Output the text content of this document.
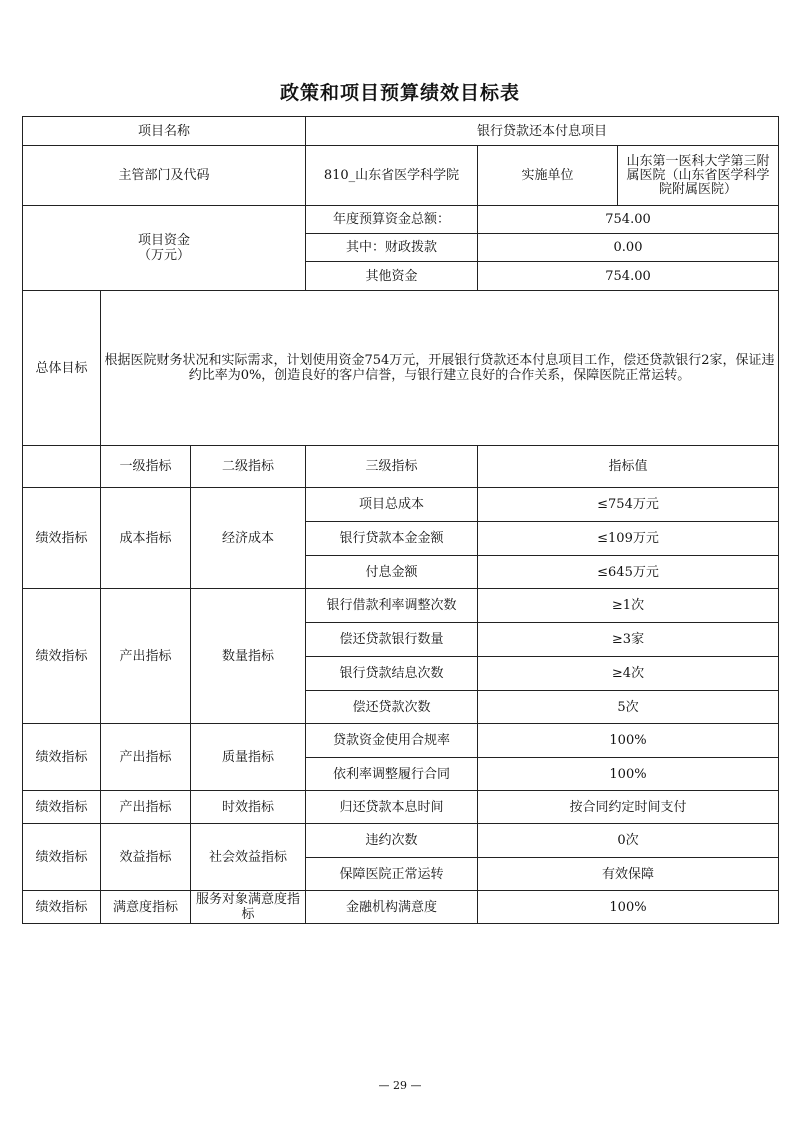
政策和项目预算绩效目标表
项目名称			银行贷款还本付息项目		
主管部门及代码			810_山东省医学科学院	实施单位	山东第一医科大学第三附属医院（山东省医学科学院附属医院）

项目资金
（万元）			年度预算资金总额：	754.00	
			其中：财政拨款	0.00	
			其他资金	754.00	
总体目标	根据医院财务状况和实际需求，计划使用资金754万元，开展银行贷款还本付息项目工作，偿还贷款银行2家，保证违约比率为0%，创造良好的客户信誉，与银行建立良好的合作关系，保障医院正常运转。				
	一级指标	二级指标	三级指标	指标值	
绩效指标	成本指标	经济成本	项目总成本	≤754万元	
			银行贷款本金金额	≤109万元	
			付息金额	≤645万元	
绩效指标	产出指标	数量指标	银行借款利率调整次数	≥1次	
			偿还贷款银行数量	≥3家	
			银行贷款结息次数	≥4次	
			偿还贷款次数	5次	
绩效指标	产出指标	质量指标	贷款资金使用合规率	100%	
			依利率调整履行合同	100%	
绩效指标	产出指标	时效指标	归还贷款本息时间	按合同约定时间支付	
绩效指标	效益指标	社会效益指标	违约次数	0次	
			保障医院正常运转	有效保障	
绩效指标	满意度指标	服务对象满意度指标	金融机构满意度	100%	
— 29 —
